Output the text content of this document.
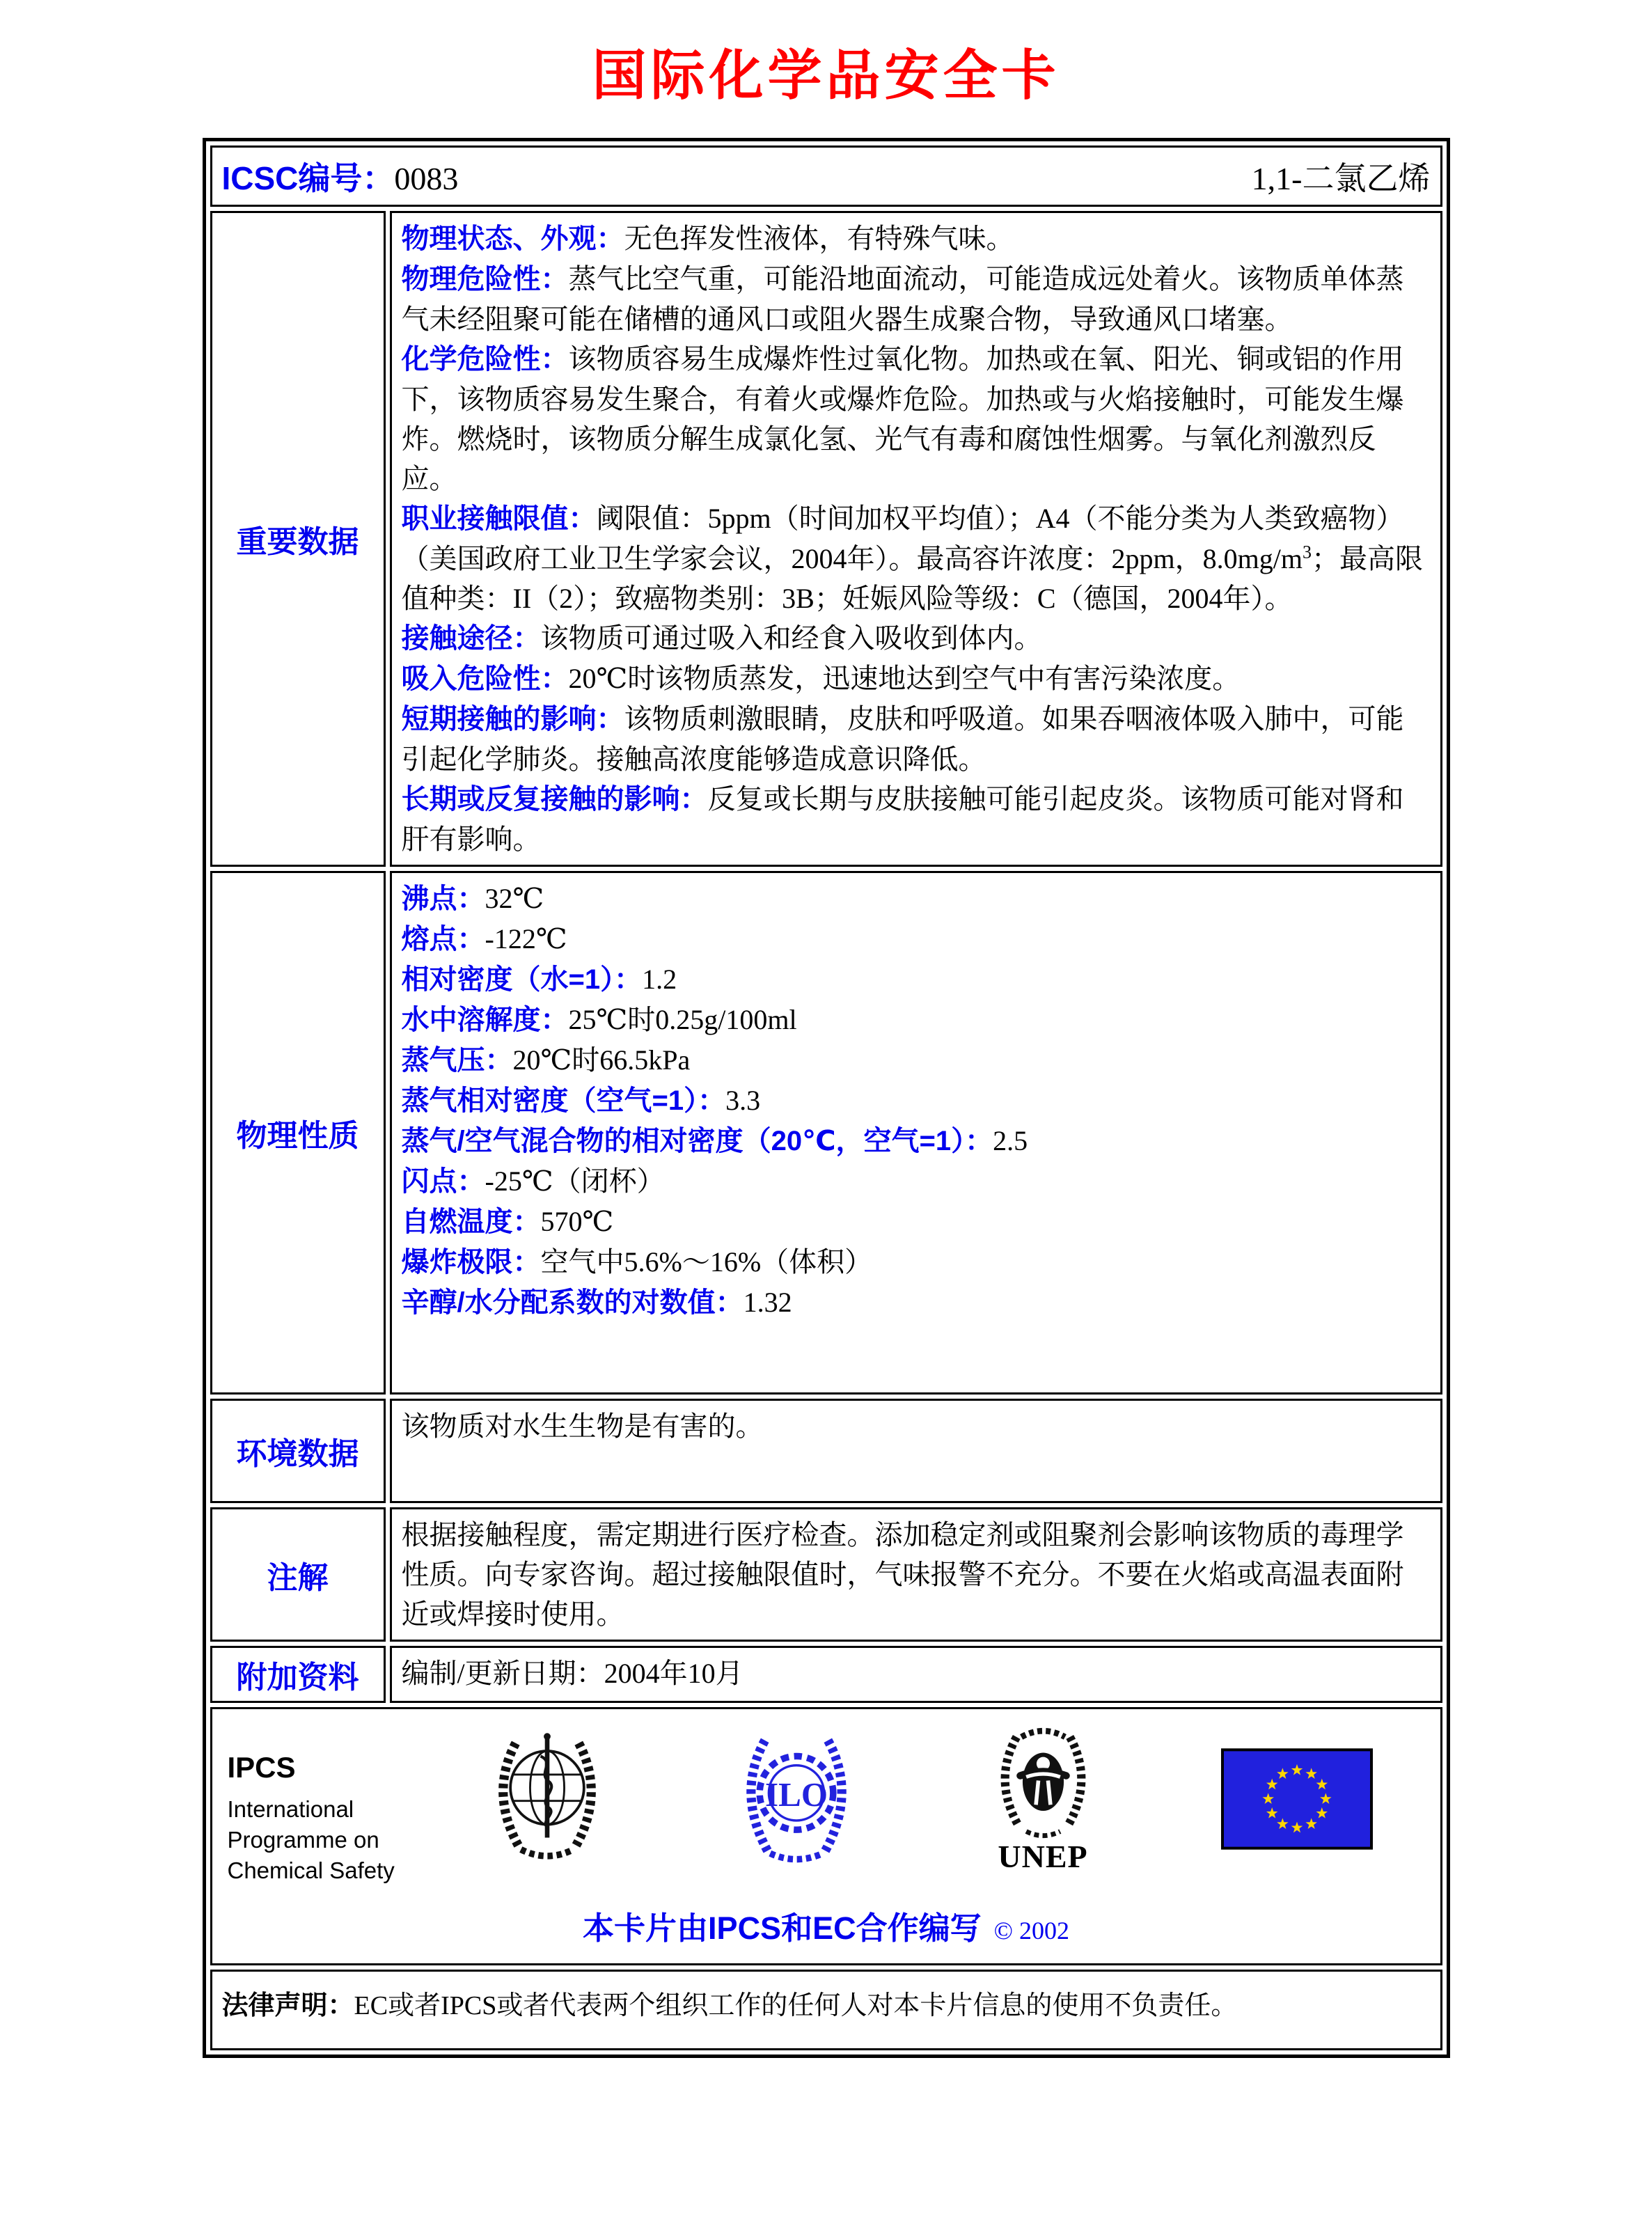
国际化学品安全卡
ICSC编号：0083	1,1-二氯乙烯
重要数据
物理状态、外观：无色挥发性液体，有特殊气味。
物理危险性：蒸气比空气重，可能沿地面流动，可能造成远处着火。该物质单体蒸气未经阻聚可能在储槽的通风口或阻火器生成聚合物，导致通风口堵塞。
化学危险性：该物质容易生成爆炸性过氧化物。加热或在氧、阳光、铜或铝的作用下，该物质容易发生聚合，有着火或爆炸危险。加热或与火焰接触时，可能发生爆炸。燃烧时，该物质分解生成氯化氢、光气有毒和腐蚀性烟雾。与氧化剂激烈反应。
职业接触限值：阈限值：5ppm（时间加权平均值）；A4（不能分类为人类致癌物）（美国政府工业卫生学家会议，2004年）。最高容许浓度：2ppm，$8.0mg/m^3$；最高限值种类：II（2）；致癌物类别：3B；妊娠风险等级：C（德国，2004年）。
接触途径：该物质可通过吸入和经食入吸收到体内。
吸入危险性：20℃时该物质蒸发，迅速地达到空气中有害污染浓度。
短期接触的影响：该物质刺激眼睛，皮肤和呼吸道。如果吞咽液体吸入肺中，可能引起化学肺炎。接触高浓度能够造成意识降低。
长期或反复接触的影响：反复或长期与皮肤接触可能引起皮炎。该物质可能对肾和肝有影响。
物理性质
沸点：32℃
熔点：-122℃
相对密度（水=1）：1.2
水中溶解度：25℃时0.25g/100ml
蒸气压：20℃时66.5kPa
蒸气相对密度（空气=1）：3.3
蒸气/空气混合物的相对密度（20℃，空气=1）：2.5
闪点：-25℃（闭杯）
自燃温度：570℃
爆炸极限：空气中5.6%～16%（体积）
辛醇/水分配系数的对数值：1.32
环境数据
该物质对水生生物是有害的。
注解
根据接触程度，需定期进行医疗检查。添加稳定剂或阻聚剂会影响该物质的毒理学性质。向专家咨询。超过接触限值时，气味报警不充分。不要在火焰或高温表面附近或焊接时使用。
附加资料	编制/更新日期：2004年10月
IPCS
International
Programme on
Chemical Safety
ILO
UNEP
本卡片由IPCS和EC合作编写 © 2002
法律声明：EC或者IPCS或者代表两个组织工作的任何人对本卡片信息的使用不负责任。
